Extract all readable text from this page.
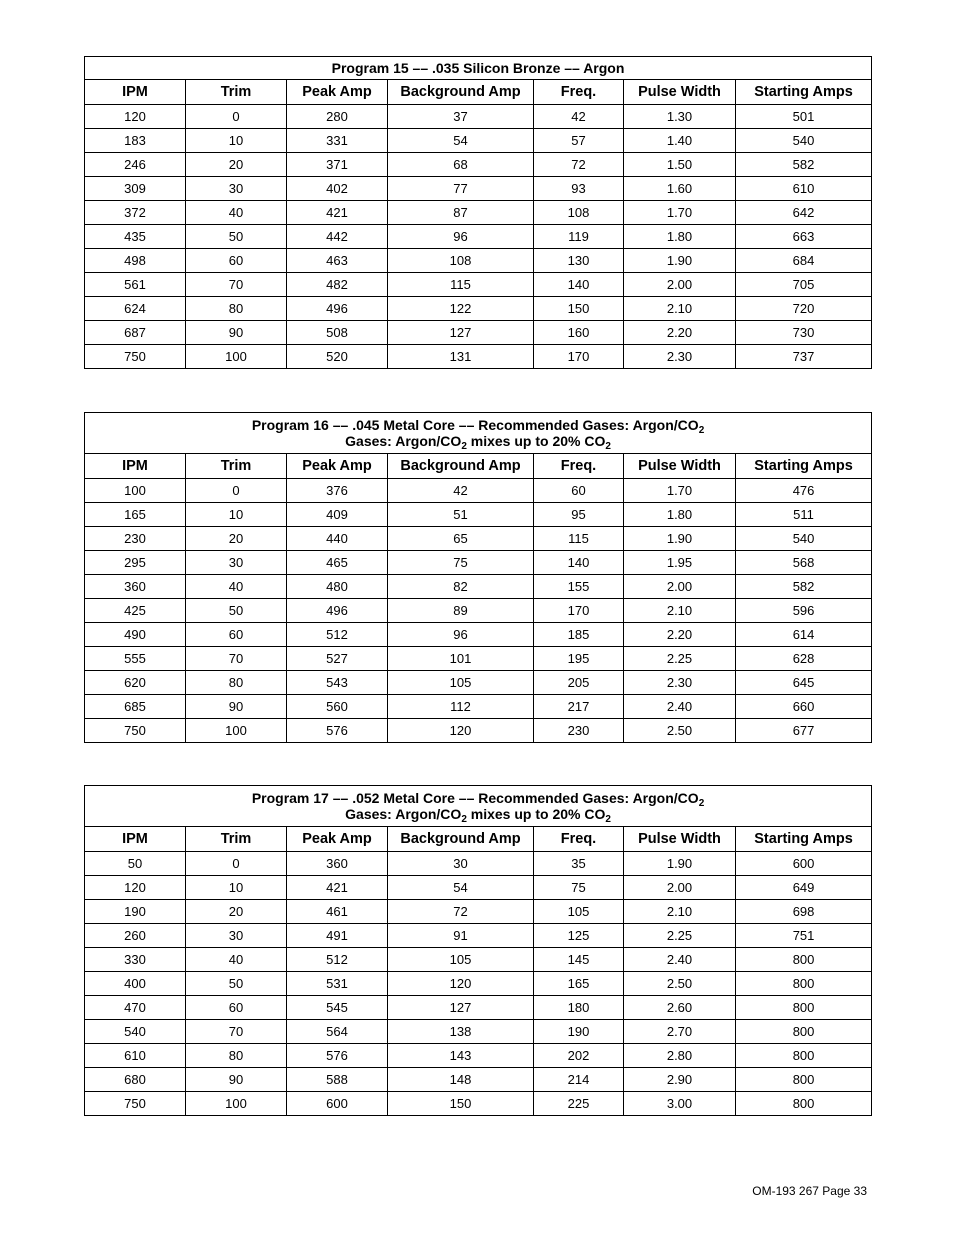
Program 15 –– .035 Silicon Bronze –– Argon						

IPM	Trim	Peak Amp	Background Amp	Freq.	Pulse Width	Starting Amps
120	0	280	37	42	1.30	501
183	10	331	54	57	1.40	540
246	20	371	68	72	1.50	582
309	30	402	77	93	1.60	610
372	40	421	87	108	1.70	642
435	50	442	96	119	1.80	663
498	60	463	108	130	1.90	684
561	70	482	115	140	2.00	705
624	80	496	122	150	2.10	720
687	90	508	127	160	2.20	730
750	100	520	131	170	2.30	737
Program 16 –– .045 Metal Core –– Recommended Gases: Argon/$CO_2$
Gases: Argon/$CO_2$ mixes up to 20% $CO_2$

IPM	Trim	Peak Amp	Background Amp	Freq.	Pulse Width	Starting Amps
100	0	376	42	60	1.70	476
165	10	409	51	95	1.80	511
230	20	440	65	115	1.90	540
295	30	465	75	140	1.95	568
360	40	480	82	155	2.00	582
425	50	496	89	170	2.10	596
490	60	512	96	185	2.20	614
555	70	527	101	195	2.25	628
620	80	543	105	205	2.30	645
685	90	560	112	217	2.40	660
750	100	576	120	230	2.50	677
Program 17 –– .052 Metal Core –– Recommended Gases: Argon/$CO_2$
Gases: Argon/$CO_2$ mixes up to 20% $CO_2$

IPM	Trim	Peak Amp	Background Amp	Freq.	Pulse Width	Starting Amps
50	0	360	30	35	1.90	600
120	10	421	54	75	2.00	649
190	20	461	72	105	2.10	698
260	30	491	91	125	2.25	751
330	40	512	105	145	2.40	800
400	50	531	120	165	2.50	800
470	60	545	127	180	2.60	800
540	70	564	138	190	2.70	800
610	80	576	143	202	2.80	800
680	90	588	148	214	2.90	800
750	100	600	150	225	3.00	800
OM-193 267 Page 33
